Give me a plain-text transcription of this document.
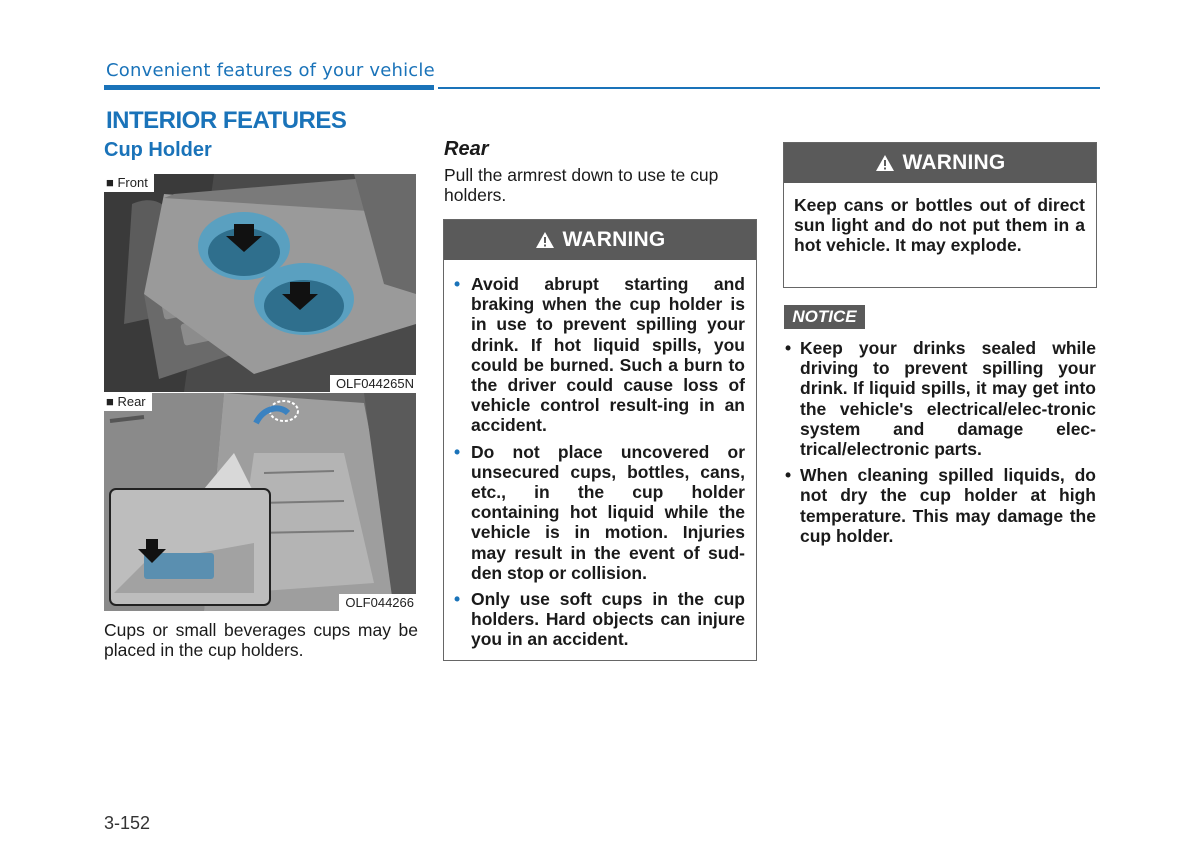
Convenient features of your vehicle
INTERIOR FEATURES
Cup Holder
■ Front
OLF044265N
■ Rear
OLF044266
Cups or small beverages cups may be placed in the cup holders.
Rear
Pull the armrest down to use te cup holders.
WARNING
• Avoid abrupt starting and braking when the cup holder is in use to prevent spilling your drink. If hot liquid spills, you could be burned. Such a burn to the driver could cause loss of vehicle control result-ing in an accident.
• Do not place uncovered or unsecured cups, bottles, cans, etc., in the cup holder containing hot liquid while the vehicle is in motion. Injuries may result in the event of sud-den stop or collision.
• Only use soft cups in the cup holders. Hard objects can injure you in an accident.
WARNING
Keep cans or bottles out of direct sun light and do not put them in a hot vehicle. It may explode.
NOTICE
• Keep your drinks sealed while driving to prevent spilling your drink. If liquid spills, it may get into the vehicle's electrical/elec-tronic system and damage elec-trical/electronic parts.
• When cleaning spilled liquids, do not dry the cup holder at high temperature. This may damage the cup holder.
3-152
